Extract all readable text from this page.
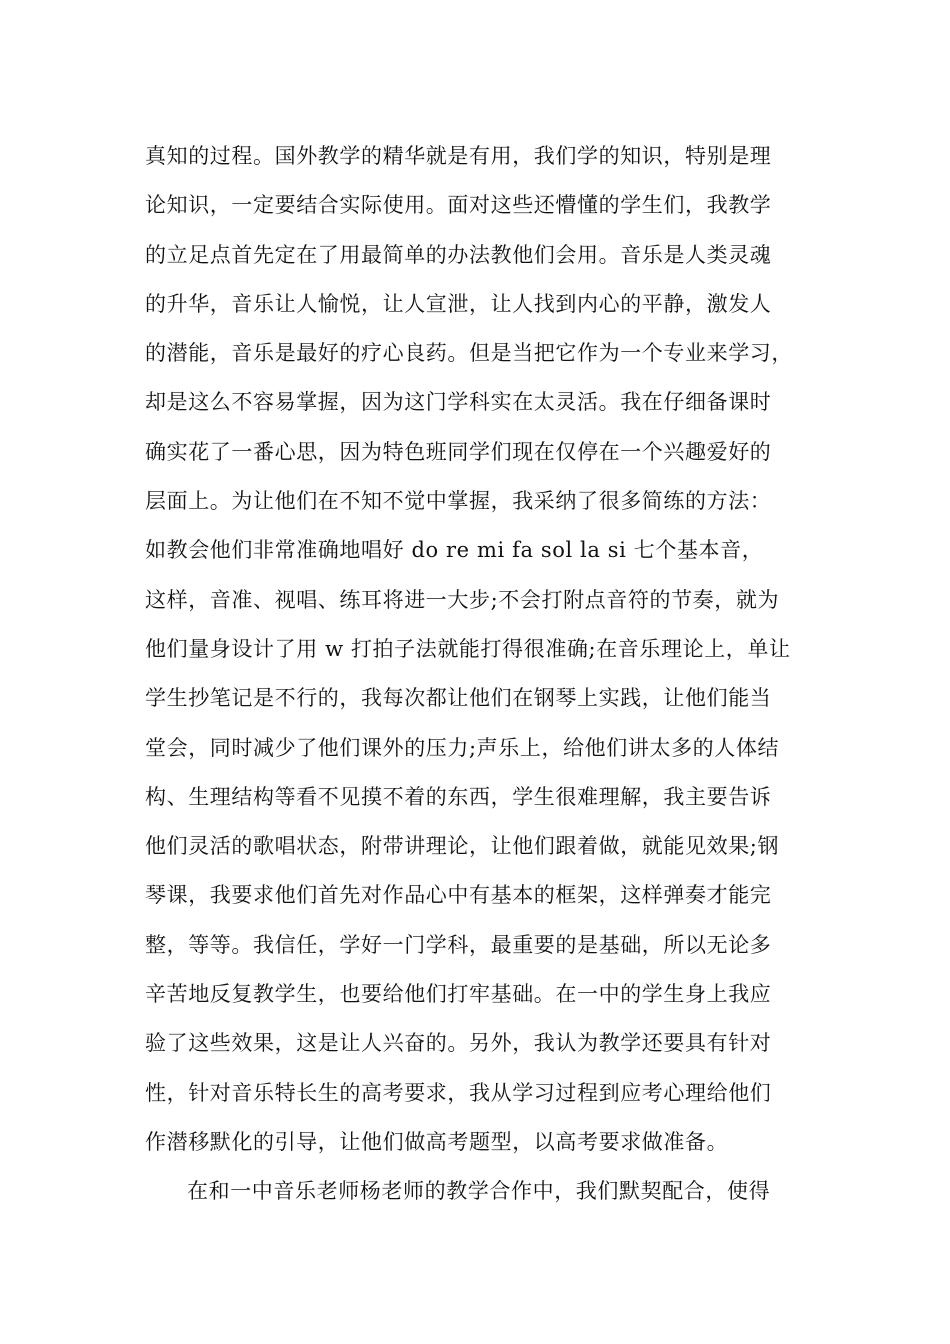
真知的过程。国外教学的精华就是有用，我们学的知识，特别是理
论知识，一定要结合实际使用。面对这些还懵懂的学生们，我教学
的立足点首先定在了用最简单的办法教他们会用。音乐是人类灵魂
的升华，音乐让人愉悦，让人宣泄，让人找到内心的平静，激发人
的潜能，音乐是最好的疗心良药。但是当把它作为一个专业来学习，
却是这么不容易掌握，因为这门学科实在太灵活。我在仔细备课时
确实花了一番心思，因为特色班同学们现在仅停在一个兴趣爱好的
层面上。为让他们在不知不觉中掌握，我采纳了很多简练的方法：
如教会他们非常准确地唱好 do re mi fa sol la si 七个基本音，
这样，音准、视唱、练耳将进一大步;不会打附点音符的节奏，就为
他们量身设计了用 w 打拍子法就能打得很准确;在音乐理论上，单让
学生抄笔记是不行的，我每次都让他们在钢琴上实践，让他们能当
堂会，同时减少了他们课外的压力;声乐上，给他们讲太多的人体结
构、生理结构等看不见摸不着的东西，学生很难理解，我主要告诉
他们灵活的歌唱状态，附带讲理论，让他们跟着做，就能见效果;钢
琴课，我要求他们首先对作品心中有基本的框架，这样弹奏才能完
整，等等。我信任，学好一门学科，最重要的是基础，所以无论多
辛苦地反复教学生，也要给他们打牢基础。在一中的学生身上我应
验了这些效果，这是让人兴奋的。另外，我认为教学还要具有针对
性，针对音乐特长生的高考要求，我从学习过程到应考心理给他们
作潜移默化的引导，让他们做高考题型，以高考要求做准备。
在和一中音乐老师杨老师的教学合作中，我们默契配合，使得
